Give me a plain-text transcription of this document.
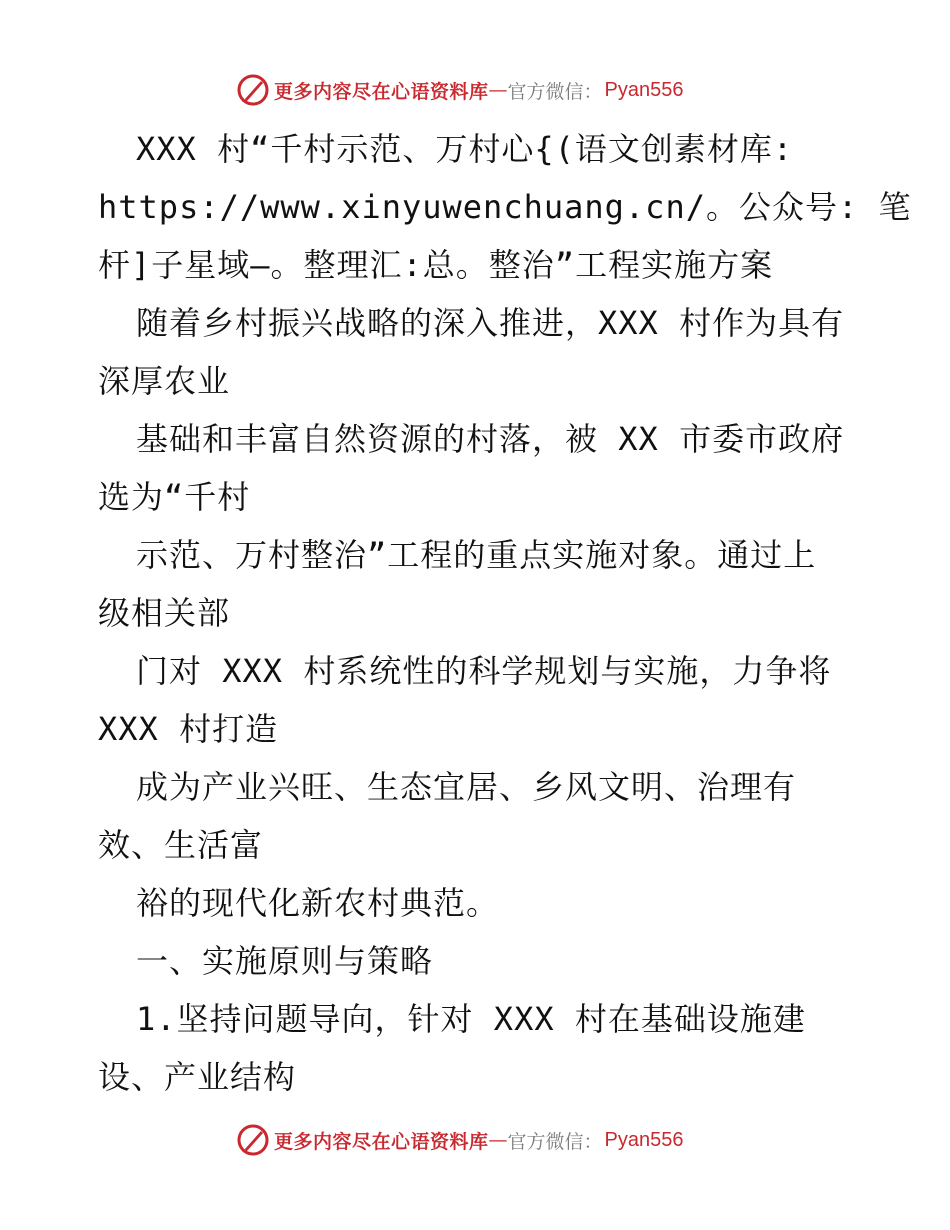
更多内容尽在心语资料库 — 官方微信 ： Pyan556
XXX 村“千村示范、万村心{(语文创素材库:
https://www.xinyuwenchuang.cn/。公众号: 笔
杆]子星域—。整理汇:总。整治”工程实施方案
随着乡村振兴战略的深入推进，XXX 村作为具有
深厚农业
基础和丰富自然资源的村落，被 XX 市委市政府
选为“千村
示范、万村整治”工程的重点实施对象。通过上
级相关部
门对 XXX 村系统性的科学规划与实施，力争将
XXX 村打造
成为产业兴旺、生态宜居、乡风文明、治理有
效、生活富
裕的现代化新农村典范。
一、实施原则与策略
1.坚持问题导向，针对 XXX 村在基础设施建
设、产业结构
更多内容尽在心语资料库 — 官方微信 ： Pyan556
